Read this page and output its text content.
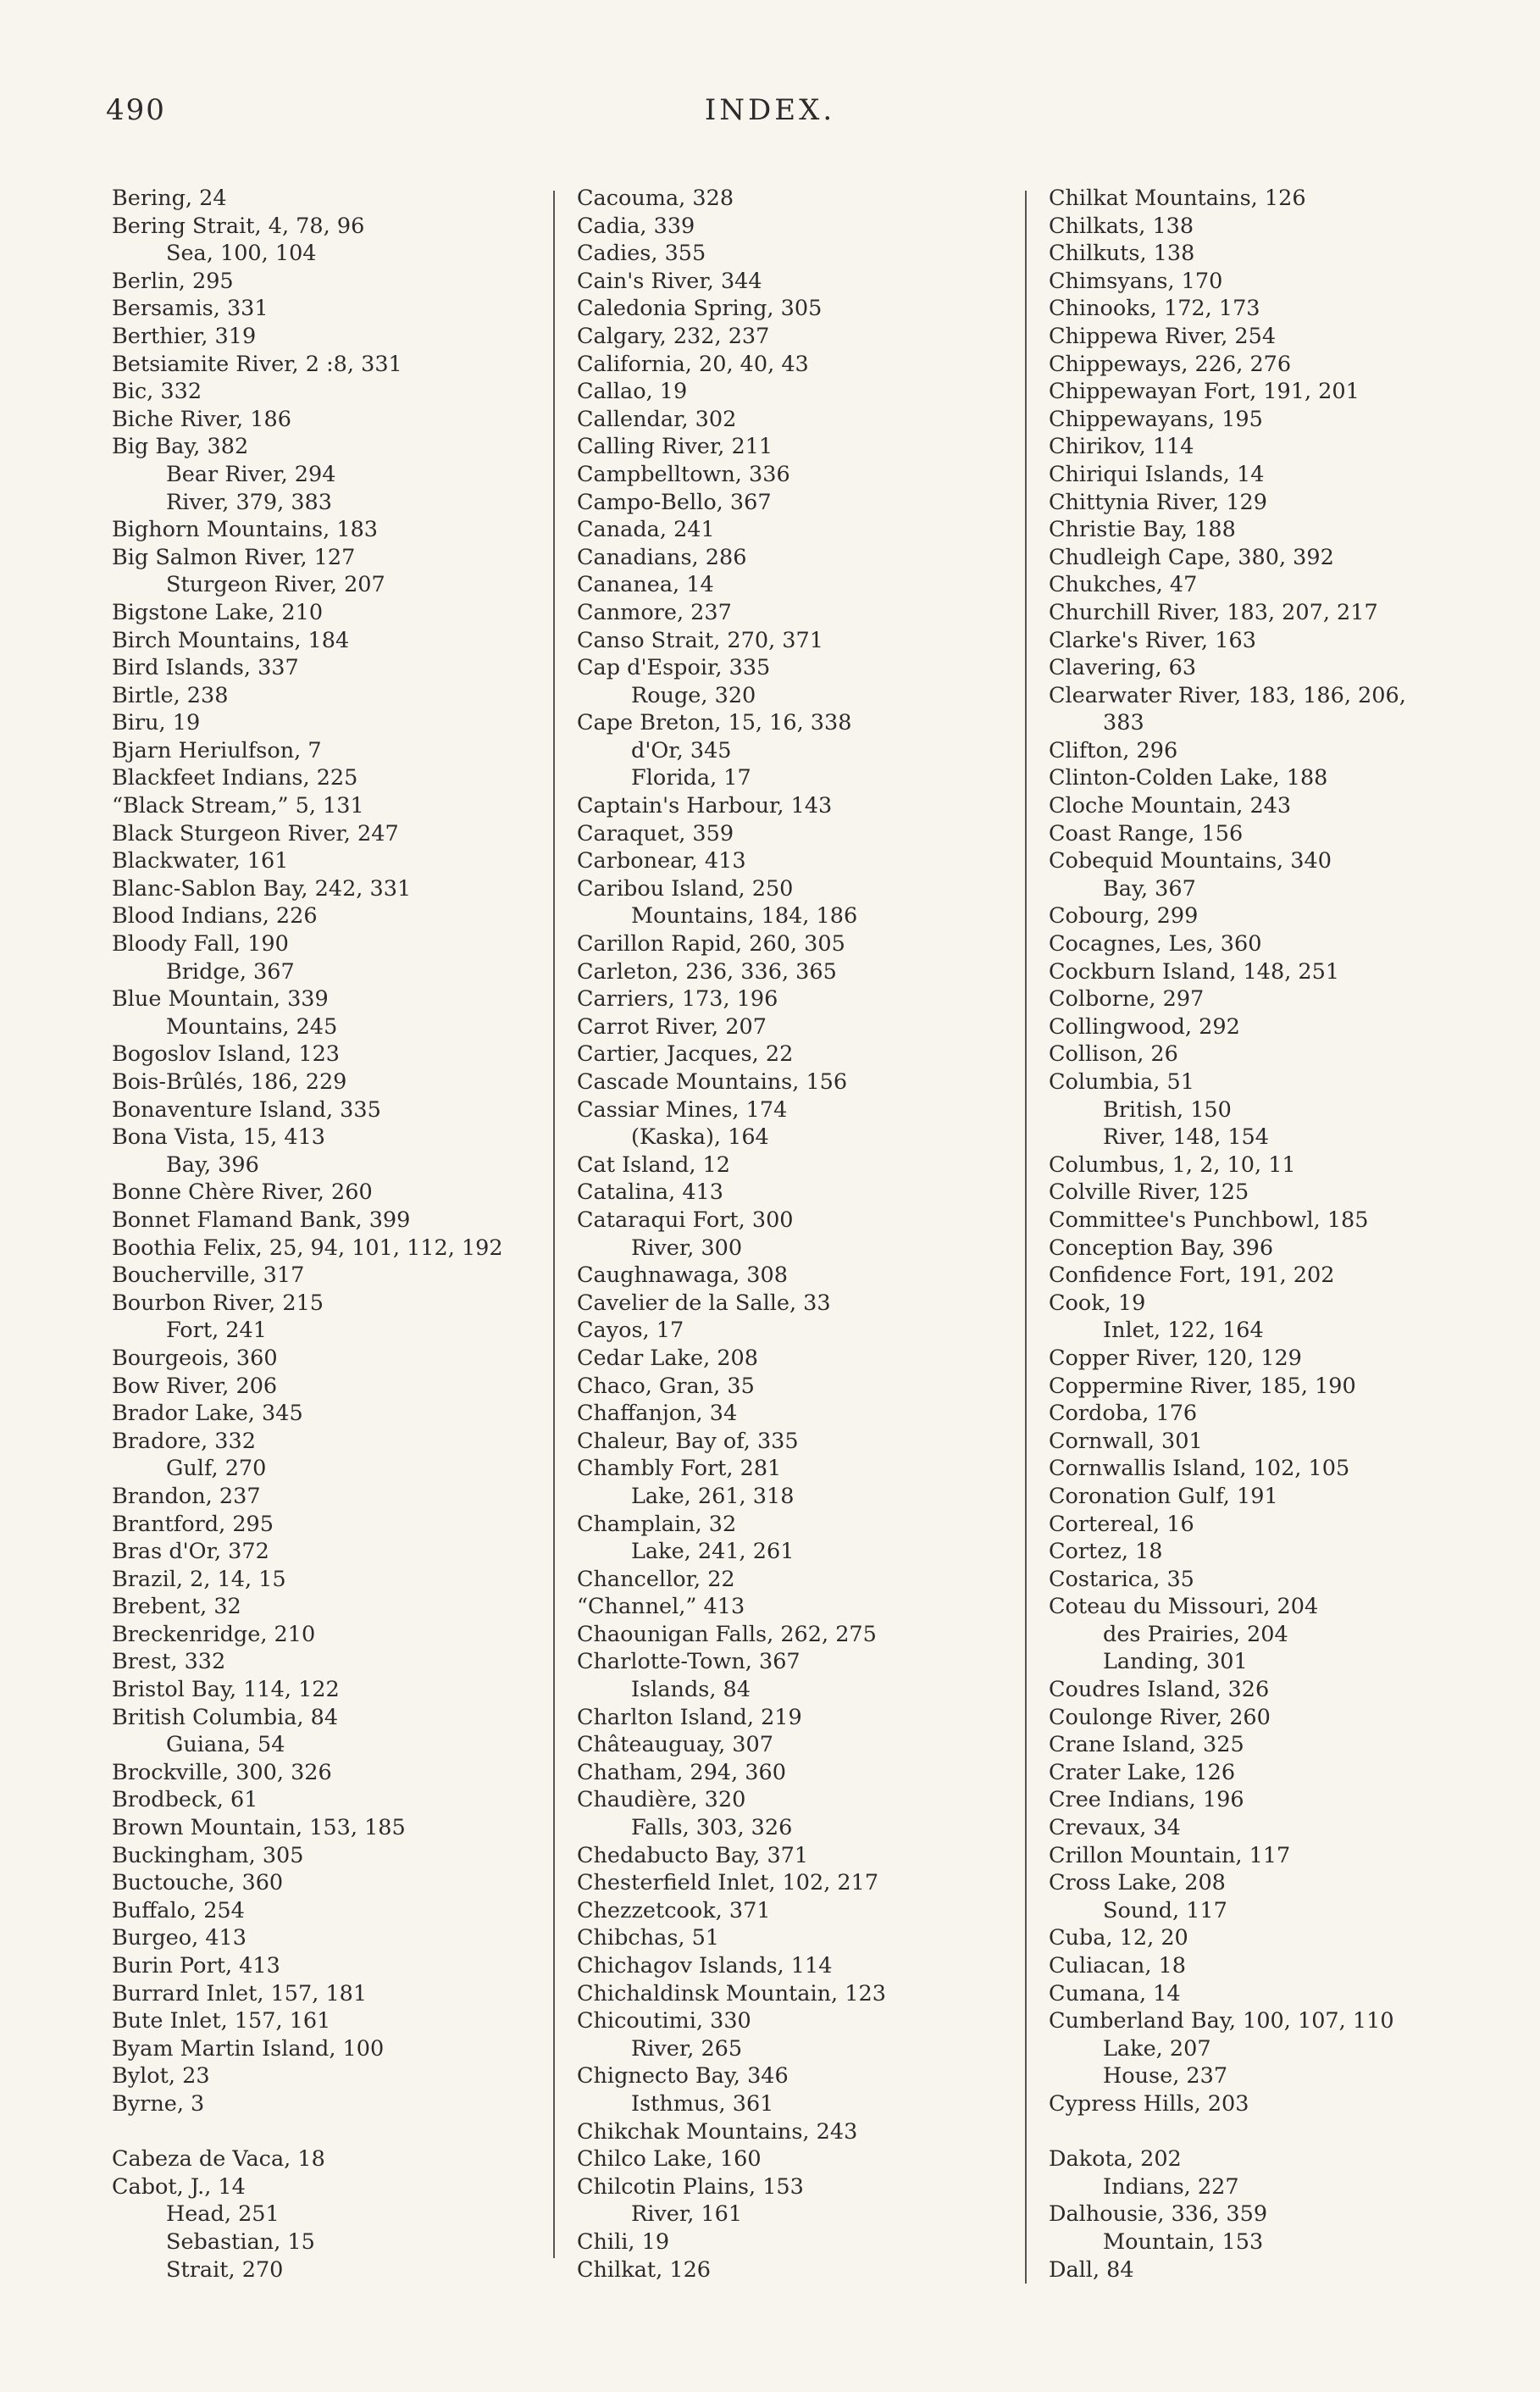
490	INDEX.
Bering, 24
Bering Strait, 4, 78, 96
Sea, 100, 104
Berlin, 295
Bersamis, 331
Berthier, 319
Betsiamite River, 2 :8, 331
Bic, 332
Biche River, 186
Big Bay, 382
Bear River, 294
River, 379, 383
Bighorn Mountains, 183
Big Salmon River, 127
Sturgeon River, 207
Bigstone Lake, 210
Birch Mountains, 184
Bird Islands, 337
Birtle, 238
Biru, 19
Bjarn Heriulfson, 7
Blackfeet Indians, 225
“Black Stream,” 5, 131
Black Sturgeon River, 247
Blackwater, 161
Blanc-Sablon Bay, 242, 331
Blood Indians, 226
Bloody Fall, 190
Bridge, 367
Blue Mountain, 339
Mountains, 245
Bogoslov Island, 123
Bois-Brûlés, 186, 229
Bonaventure Island, 335
Bona Vista, 15, 413
Bay, 396
Bonne Chère River, 260
Bonnet Flamand Bank, 399
Boothia Felix, 25, 94, 101, 112, 192
Boucherville, 317
Bourbon River, 215
Fort, 241
Bourgeois, 360
Bow River, 206
Brador Lake, 345
Bradore, 332
Gulf, 270
Brandon, 237
Brantford, 295
Bras d'Or, 372
Brazil, 2, 14, 15
Brebent, 32
Breckenridge, 210
Brest, 332
Bristol Bay, 114, 122
British Columbia, 84
Guiana, 54
Brockville, 300, 326
Brodbeck, 61
Brown Mountain, 153, 185
Buckingham, 305
Buctouche, 360
Buffalo, 254
Burgeo, 413
Burin Port, 413
Burrard Inlet, 157, 181
Bute Inlet, 157, 161
Byam Martin Island, 100
Bylot, 23
Byrne, 3
Cabeza de Vaca, 18
Cabot, J., 14
Head, 251
Sebastian, 15
Strait, 270
Cacouma, 328
Cadia, 339
Cadies, 355
Cain's River, 344
Caledonia Spring, 305
Calgary, 232, 237
California, 20, 40, 43
Callao, 19
Callendar, 302
Calling River, 211
Campbelltown, 336
Campo-Bello, 367
Canada, 241
Canadians, 286
Cananea, 14
Canmore, 237
Canso Strait, 270, 371
Cap d'Espoir, 335
Rouge, 320
Cape Breton, 15, 16, 338
d'Or, 345
Florida, 17
Captain's Harbour, 143
Caraquet, 359
Carbonear, 413
Caribou Island, 250
Mountains, 184, 186
Carillon Rapid, 260, 305
Carleton, 236, 336, 365
Carriers, 173, 196
Carrot River, 207
Cartier, Jacques, 22
Cascade Mountains, 156
Cassiar Mines, 174
(Kaska), 164
Cat Island, 12
Catalina, 413
Cataraqui Fort, 300
River, 300
Caughnawaga, 308
Cavelier de la Salle, 33
Cayos, 17
Cedar Lake, 208
Chaco, Gran, 35
Chaffanjon, 34
Chaleur, Bay of, 335
Chambly Fort, 281
Lake, 261, 318
Champlain, 32
Lake, 241, 261
Chancellor, 22
“Channel,” 413
Chaounigan Falls, 262, 275
Charlotte-Town, 367
Islands, 84
Charlton Island, 219
Châteauguay, 307
Chatham, 294, 360
Chaudière, 320
Falls, 303, 326
Chedabucto Bay, 371
Chesterfield Inlet, 102, 217
Chezzetcook, 371
Chibchas, 51
Chichagov Islands, 114
Chichaldinsk Mountain, 123
Chicoutimi, 330
River, 265
Chignecto Bay, 346
Isthmus, 361
Chikchak Mountains, 243
Chilco Lake, 160
Chilcotin Plains, 153
River, 161
Chili, 19
Chilkat, 126
Chilkat Mountains, 126
Chilkats, 138
Chilkuts, 138
Chimsyans, 170
Chinooks, 172, 173
Chippewa River, 254
Chippeways, 226, 276
Chippewayan Fort, 191, 201
Chippewayans, 195
Chirikov, 114
Chiriqui Islands, 14
Chittynia River, 129
Christie Bay, 188
Chudleigh Cape, 380, 392
Chukches, 47
Churchill River, 183, 207, 217
Clarke's River, 163
Clavering, 63
Clearwater River, 183, 186, 206,
383
Clifton, 296
Clinton-Colden Lake, 188
Cloche Mountain, 243
Coast Range, 156
Cobequid Mountains, 340
Bay, 367
Cobourg, 299
Cocagnes, Les, 360
Cockburn Island, 148, 251
Colborne, 297
Collingwood, 292
Collison, 26
Columbia, 51
British, 150
River, 148, 154
Columbus, 1, 2, 10, 11
Colville River, 125
Committee's Punchbowl, 185
Conception Bay, 396
Confidence Fort, 191, 202
Cook, 19
Inlet, 122, 164
Copper River, 120, 129
Coppermine River, 185, 190
Cordoba, 176
Cornwall, 301
Cornwallis Island, 102, 105
Coronation Gulf, 191
Cortereal, 16
Cortez, 18
Costarica, 35
Coteau du Missouri, 204
des Prairies, 204
Landing, 301
Coudres Island, 326
Coulonge River, 260
Crane Island, 325
Crater Lake, 126
Cree Indians, 196
Crevaux, 34
Crillon Mountain, 117
Cross Lake, 208
Sound, 117
Cuba, 12, 20
Culiacan, 18
Cumana, 14
Cumberland Bay, 100, 107, 110
Lake, 207
House, 237
Cypress Hills, 203
Dakota, 202
Indians, 227
Dalhousie, 336, 359
Mountain, 153
Dall, 84
